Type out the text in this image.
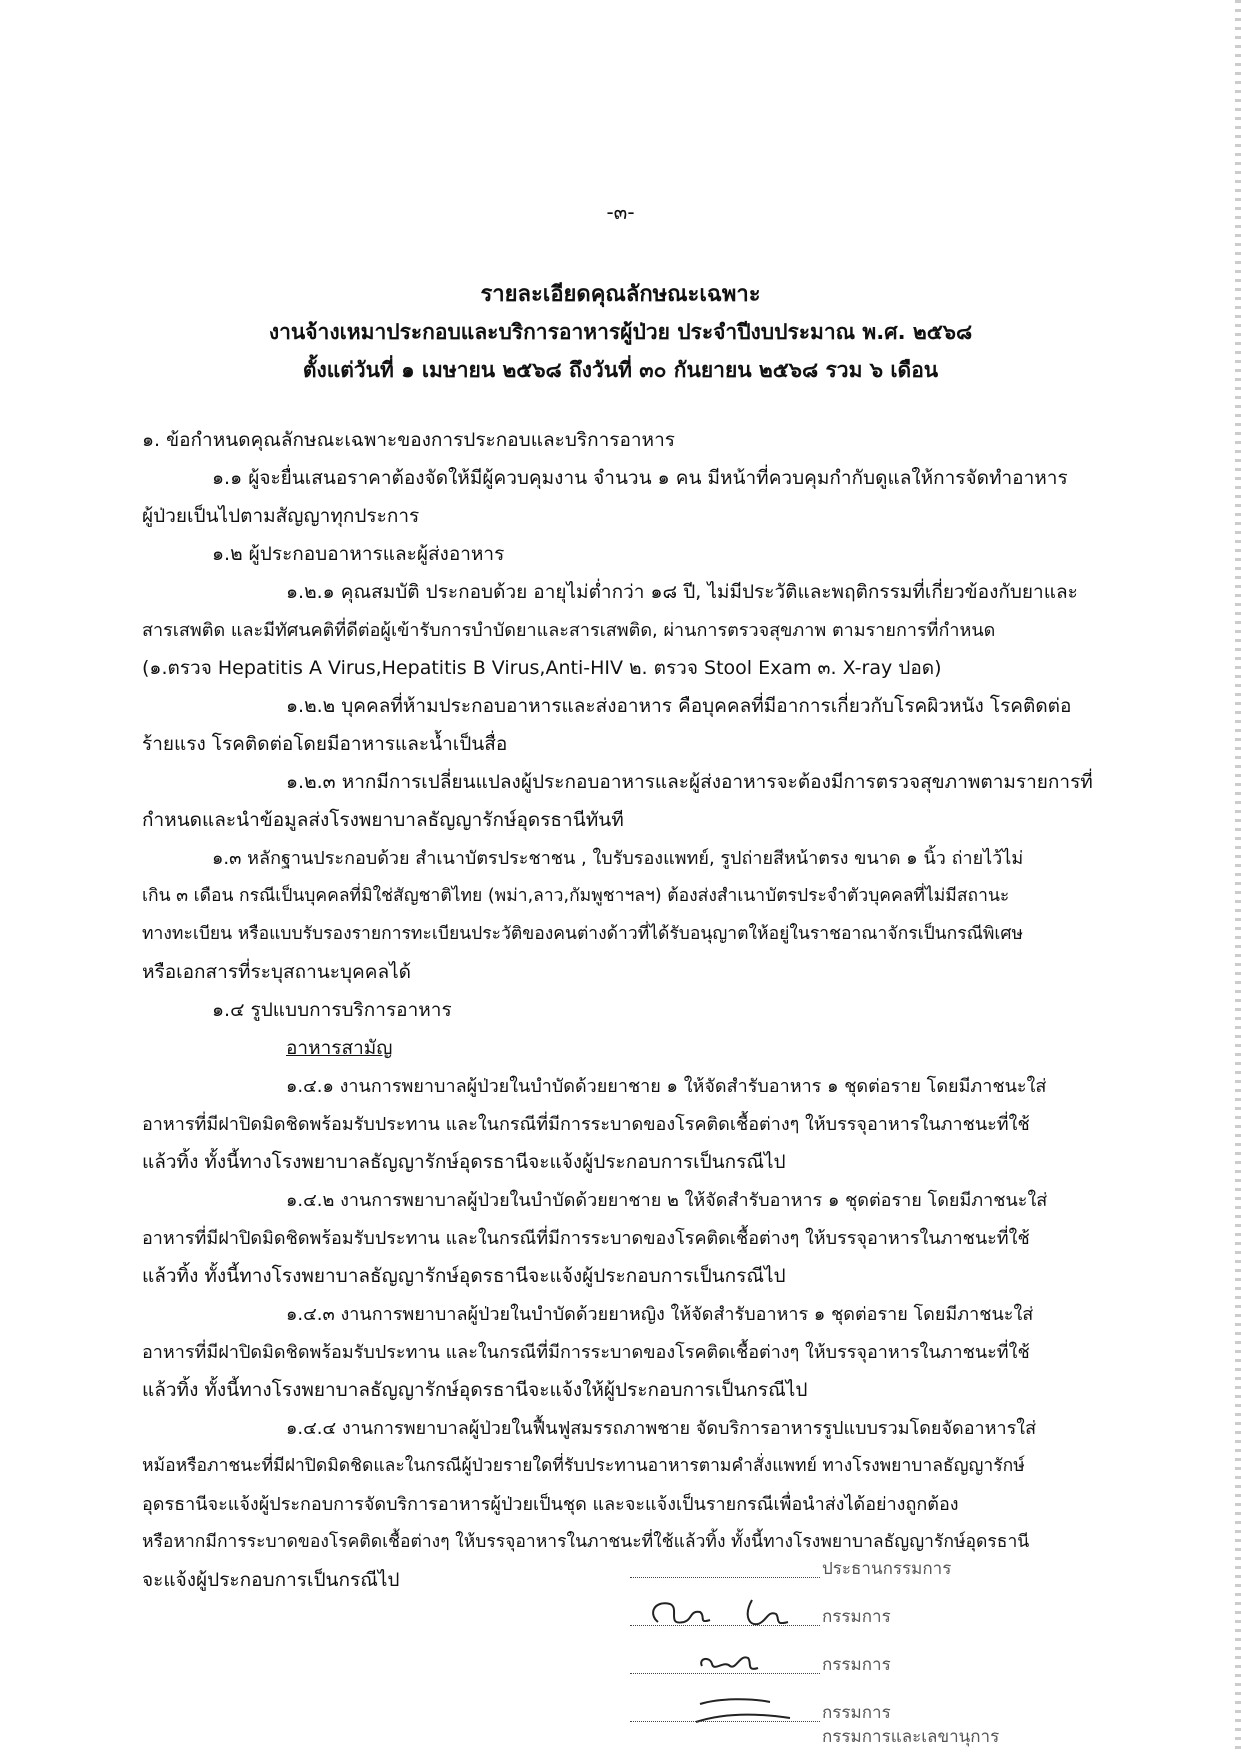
-๓-
รายละเอียดคุณลักษณะเฉพาะ
งานจ้างเหมาประกอบและบริการอาหารผู้ป่วย ประจำปีงบประมาณ พ.ศ. ๒๕๖๘
ตั้งแต่วันที่ ๑ เมษายน ๒๕๖๘ ถึงวันที่ ๓๐ กันยายน ๒๕๖๘ รวม ๖ เดือน
๑. ข้อกำหนดคุณลักษณะเฉพาะของการประกอบและบริการอาหาร
๑.๑ ผู้จะยื่นเสนอราคาต้องจัดให้มีผู้ควบคุมงาน จำนวน ๑ คน มีหน้าที่ควบคุมกำกับดูแลให้การจัดทำอาหาร
ผู้ป่วยเป็นไปตามสัญญาทุกประการ
๑.๒ ผู้ประกอบอาหารและผู้ส่งอาหาร
๑.๒.๑ คุณสมบัติ ประกอบด้วย อายุไม่ต่ำกว่า ๑๘ ปี, ไม่มีประวัติและพฤติกรรมที่เกี่ยวข้องกับยาและ
สารเสพติด และมีทัศนคติที่ดีต่อผู้เข้ารับการบำบัดยาและสารเสพติด, ผ่านการตรวจสุขภาพ ตามรายการที่กำหนด
(๑.ตรวจ Hepatitis A Virus,Hepatitis B Virus,Anti-HIV ๒. ตรวจ Stool Exam ๓. X-ray ปอด)
๑.๒.๒ บุคคลที่ห้ามประกอบอาหารและส่งอาหาร คือบุคคลที่มีอาการเกี่ยวกับโรคผิวหนัง โรคติดต่อ
ร้ายแรง โรคติดต่อโดยมีอาหารและน้ำเป็นสื่อ
๑.๒.๓ หากมีการเปลี่ยนแปลงผู้ประกอบอาหารและผู้ส่งอาหารจะต้องมีการตรวจสุขภาพตามรายการที่
กำหนดและนำข้อมูลส่งโรงพยาบาลธัญญารักษ์อุดรธานีทันที
๑.๓ หลักฐานประกอบด้วย สำเนาบัตรประชาชน , ใบรับรองแพทย์, รูปถ่ายสีหน้าตรง ขนาด ๑ นิ้ว ถ่ายไว้ไม่
เกิน ๓ เดือน กรณีเป็นบุคคลที่มิใช่สัญชาติไทย (พม่า,ลาว,กัมพูชาฯลฯ) ต้องส่งสำเนาบัตรประจำตัวบุคคลที่ไม่มีสถานะ
ทางทะเบียน หรือแบบรับรองรายการทะเบียนประวัติของคนต่างด้าวที่ได้รับอนุญาตให้อยู่ในราชอาณาจักรเป็นกรณีพิเศษ
หรือเอกสารที่ระบุสถานะบุคคลได้
๑.๔ รูปแบบการบริการอาหาร
อาหารสามัญ
๑.๔.๑ งานการพยาบาลผู้ป่วยในบำบัดด้วยยาชาย ๑ ให้จัดสำรับอาหาร ๑ ชุดต่อราย โดยมีภาชนะใส่
อาหารที่มีฝาปิดมิดชิดพร้อมรับประทาน และในกรณีที่มีการระบาดของโรคติดเชื้อต่างๆ ให้บรรจุอาหารในภาชนะที่ใช้
แล้วทิ้ง ทั้งนี้ทางโรงพยาบาลธัญญารักษ์อุดรธานีจะแจ้งผู้ประกอบการเป็นกรณีไป
๑.๔.๒ งานการพยาบาลผู้ป่วยในบำบัดด้วยยาชาย ๒ ให้จัดสำรับอาหาร ๑ ชุดต่อราย โดยมีภาชนะใส่
อาหารที่มีฝาปิดมิดชิดพร้อมรับประทาน และในกรณีที่มีการระบาดของโรคติดเชื้อต่างๆ ให้บรรจุอาหารในภาชนะที่ใช้
แล้วทิ้ง ทั้งนี้ทางโรงพยาบาลธัญญารักษ์อุดรธานีจะแจ้งผู้ประกอบการเป็นกรณีไป
๑.๔.๓ งานการพยาบาลผู้ป่วยในบำบัดด้วยยาหญิง ให้จัดสำรับอาหาร ๑ ชุดต่อราย โดยมีภาชนะใส่
อาหารที่มีฝาปิดมิดชิดพร้อมรับประทาน และในกรณีที่มีการระบาดของโรคติดเชื้อต่างๆ ให้บรรจุอาหารในภาชนะที่ใช้
แล้วทิ้ง ทั้งนี้ทางโรงพยาบาลธัญญารักษ์อุดรธานีจะแจ้งให้ผู้ประกอบการเป็นกรณีไป
๑.๔.๔ งานการพยาบาลผู้ป่วยในฟื้นฟูสมรรถภาพชาย จัดบริการอาหารรูปแบบรวมโดยจัดอาหารใส่
หม้อหรือภาชนะที่มีฝาปิดมิดชิดและในกรณีผู้ป่วยรายใดที่รับประทานอาหารตามคำสั่งแพทย์ ทางโรงพยาบาลธัญญารักษ์
อุดรธานีจะแจ้งผู้ประกอบการจัดบริการอาหารผู้ป่วยเป็นชุด และจะแจ้งเป็นรายกรณีเพื่อนำส่งได้อย่างถูกต้อง
หรือหากมีการระบาดของโรคติดเชื้อต่างๆ ให้บรรจุอาหารในภาชนะที่ใช้แล้วทิ้ง ทั้งนี้ทางโรงพยาบาลธัญญารักษ์อุดรธานี
จะแจ้งผู้ประกอบการเป็นกรณีไป	ประธานกรรมการ
กรรมการ
กรรมการ
กรรมการ
กรรมการและเลขานุการ
